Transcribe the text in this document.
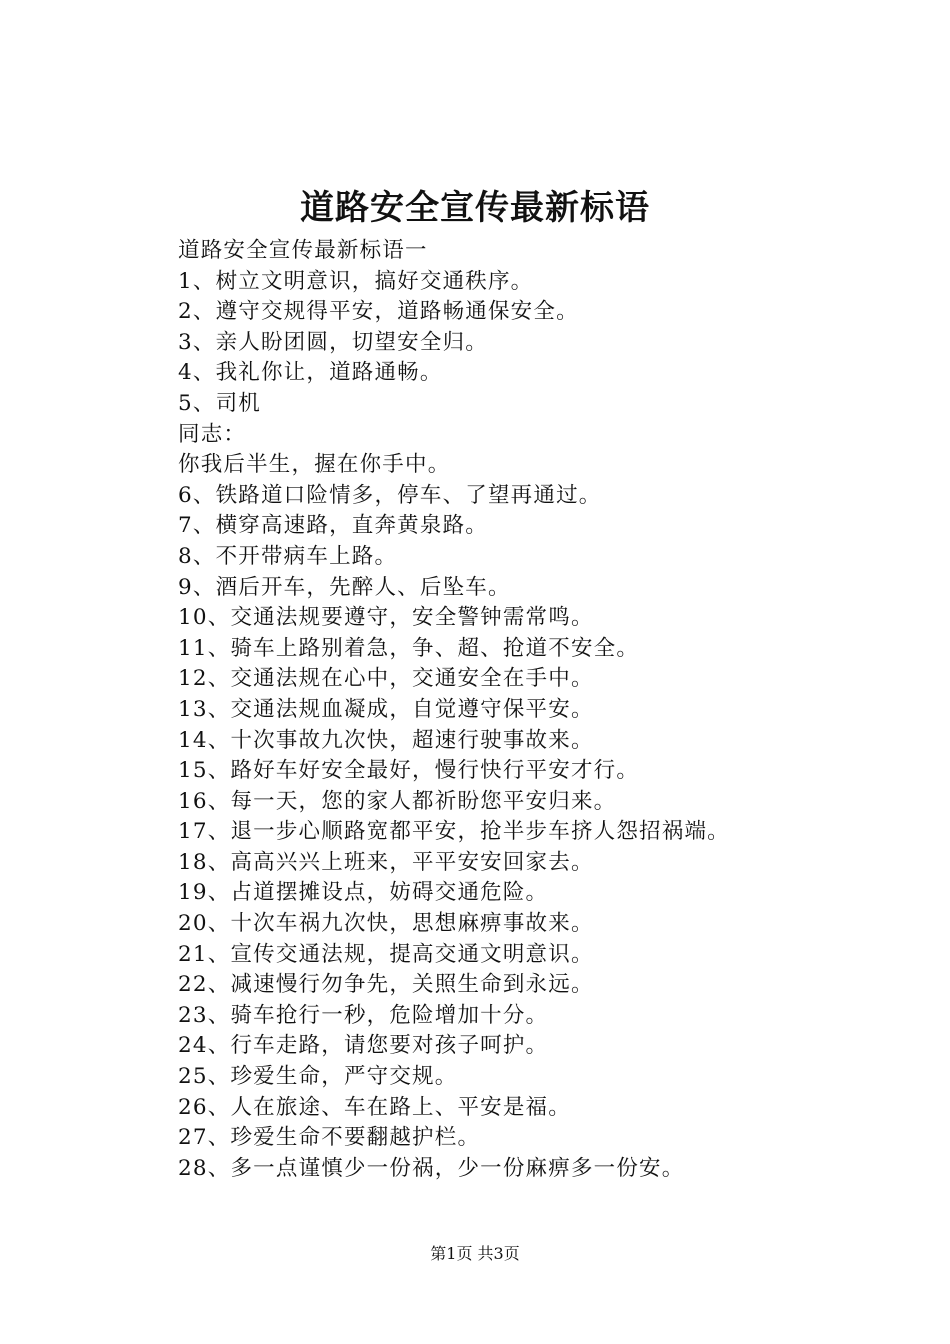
道路安全宣传最新标语
道路安全宣传最新标语一
1、树立文明意识，搞好交通秩序。
2、遵守交规得平安，道路畅通保安全。
3、亲人盼团圆，切望安全归。
4、我礼你让，道路通畅。
5、司机
同志：
你我后半生，握在你手中。
6、铁路道口险情多，停车、了望再通过。
7、横穿高速路，直奔黄泉路。
8、不开带病车上路。
9、酒后开车，先醉人、后坠车。
10、交通法规要遵守，安全警钟需常鸣。
11、骑车上路别着急，争、超、抢道不安全。
12、交通法规在心中，交通安全在手中。
13、交通法规血凝成，自觉遵守保平安。
14、十次事故九次快，超速行驶事故来。
15、路好车好安全最好，慢行快行平安才行。
16、每一天，您的家人都祈盼您平安归来。
17、退一步心顺路宽都平安，抢半步车挤人怨招祸端。
18、高高兴兴上班来，平平安安回家去。
19、占道摆摊设点，妨碍交通危险。
20、十次车祸九次快，思想麻痹事故来。
21、宣传交通法规，提高交通文明意识。
22、减速慢行勿争先，关照生命到永远。
23、骑车抢行一秒，危险增加十分。
24、行车走路，请您要对孩子呵护。
25、珍爱生命，严守交规。
26、人在旅途、车在路上、平安是福。
27、珍爱生命不要翻越护栏。
28、多一点谨慎少一份祸，少一份麻痹多一份安。
第1页 共3页
